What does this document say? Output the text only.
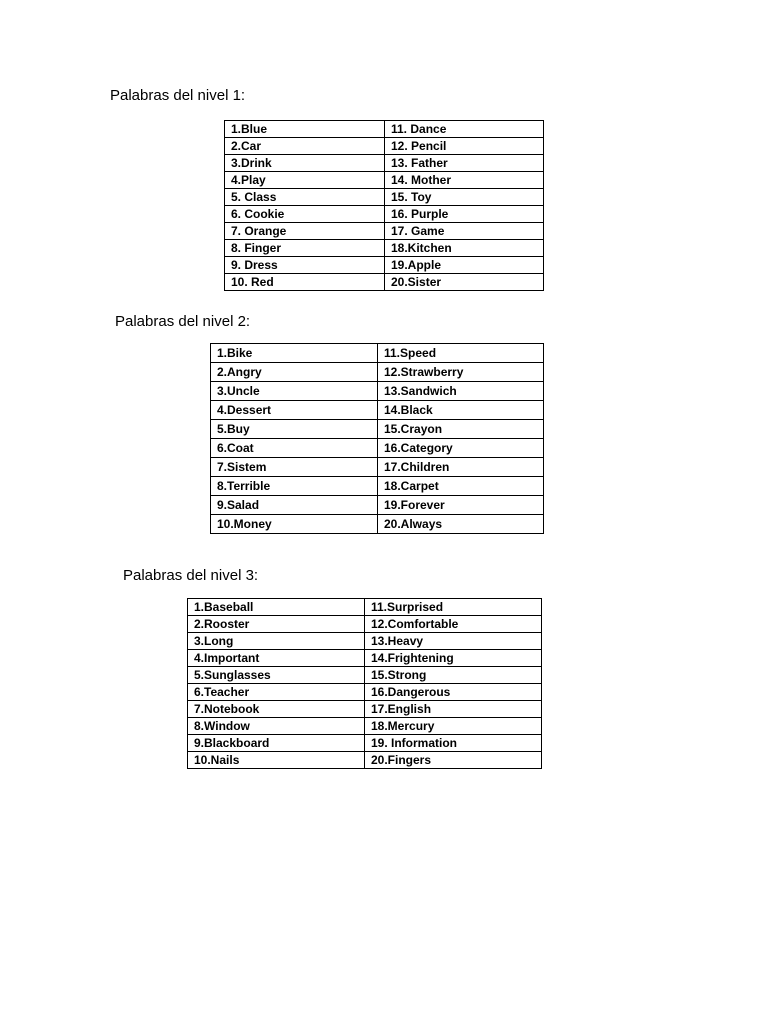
Palabras del nivel 1:
1.Blue	11. Dance
2.Car	12. Pencil
3.Drink	13. Father
4.Play	14. Mother
5. Class	15. Toy
6. Cookie	16. Purple
7. Orange	17. Game
8. Finger	18.Kitchen
9. Dress	19.Apple
10. Red	20.Sister
Palabras del nivel 2:
1.Bike	11.Speed
2.Angry	12.Strawberry
3.Uncle	13.Sandwich
4.Dessert	14.Black
5.Buy	15.Crayon
6.Coat	16.Category
7.Sistem	17.Children
8.Terrible	18.Carpet
9.Salad	19.Forever
10.Money	20.Always
Palabras del nivel 3:
1.Baseball	11.Surprised
2.Rooster	12.Comfortable
3.Long	13.Heavy
4.Important	14.Frightening
5.Sunglasses	15.Strong
6.Teacher	16.Dangerous
7.Notebook	17.English
8.Window	18.Mercury
9.Blackboard	19. Information
10.Nails	20.Fingers
